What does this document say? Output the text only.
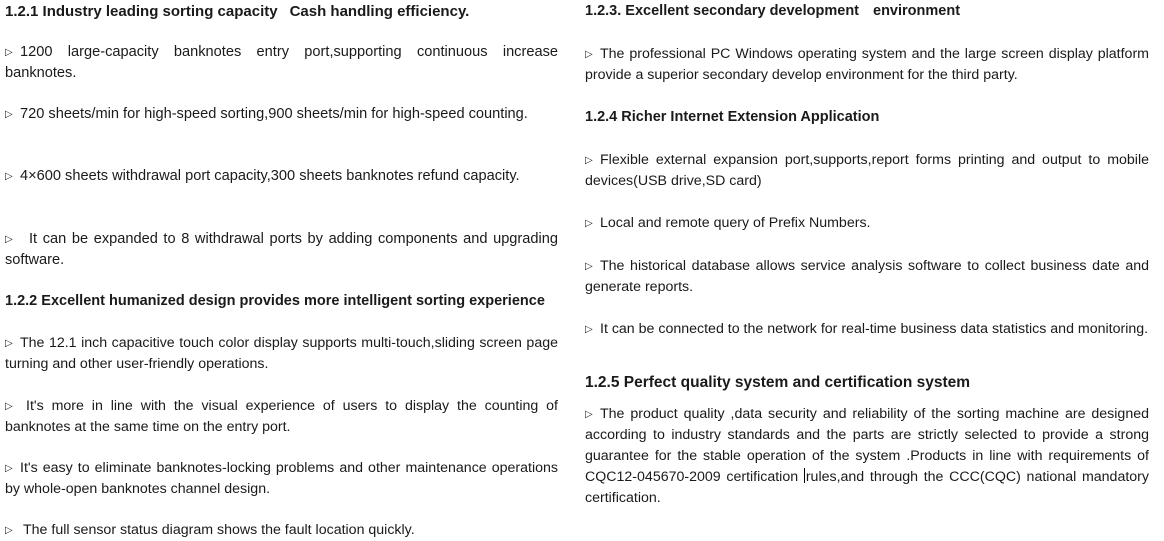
1.2.1 Industry leading sorting capacity Cash handling efficiency.

▷ 1200 large-capacity banknotes entry port,supporting continuous increase banknotes.

▷ 720 sheets/min for high-speed sorting,900 sheets/min for high-speed counting.

▷ 4×600 sheets withdrawal port capacity,300 sheets banknotes refund capacity.

▷ It can be expanded to 8 withdrawal ports by adding components and upgrading software.

1.2.2 Excellent humanized design provides more intelligent sorting experience

▷ The 12.1 inch capacitive touch color display supports multi-touch,sliding screen page turning and other user-friendly operations.

▷ It's more in line with the visual experience of users to display the counting of banknotes at the same time on the entry port.

▷ It's easy to eliminate banknotes-locking problems and other maintenance operations by whole-open banknotes channel design.

▷ The full sensor status diagram shows the fault location quickly.

1.2.3. Excellent secondary development environment

▷ The professional PC Windows operating system and the large screen display platform provide a superior secondary develop environment for the third party.

1.2.4 Richer Internet Extension Application

▷ Flexible external expansion port,supports,report forms printing and output to mobile devices(USB drive,SD card)

▷ Local and remote query of Prefix Numbers.

▷ The historical database allows service analysis software to collect business date and generate reports.

▷ It can be connected to the network for real-time business data statistics and monitoring.

1.2.5 Perfect quality system and certification system

▷ The product quality ,data security and reliability of the sorting machine are designed according to industry standards and the parts are strictly selected to provide a strong guarantee for the stable operation of the system .Products in line with requirements of CQC12-045670-2009 certification rules,and through the CCC(CQC) national mandatory certification.
